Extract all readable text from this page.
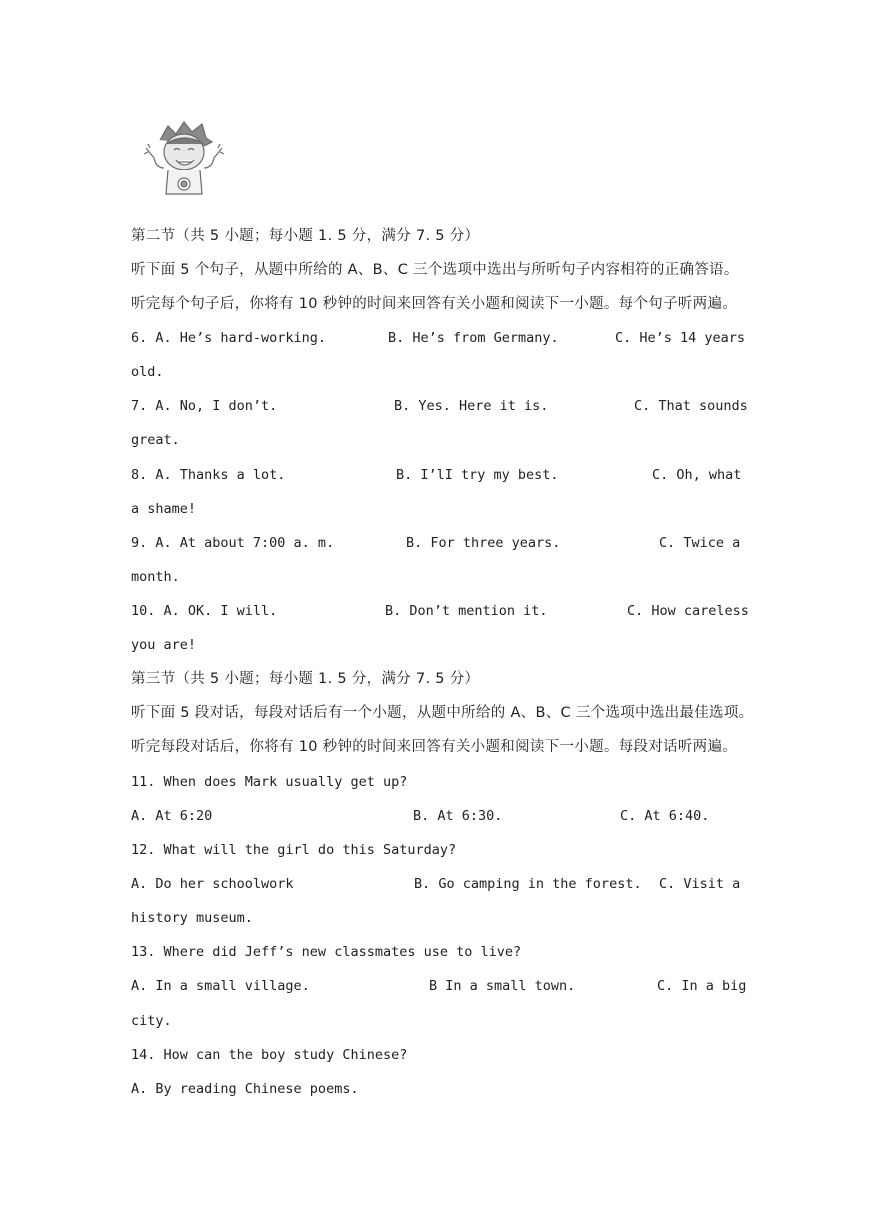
第二节（共 5 小题；每小题 1. 5 分，满分 7. 5 分）
听下面 5 个句子，从题中所给的 A、B、C 三个选项中选出与所听句子内容相符的正确答语。
听完每个句子后，你将有 10 秒钟的时间来回答有关小题和阅读下一小题。每个句子听两遍。
6. A. He’s hard-working.	B. He’s from Germany.	C. He’s 14 years
old.
7. A. No, I don’t.	B. Yes. Here it is.	C. That sounds
great.
8. A. Thanks a lot.	B. I’lI try my best.	C. Oh, what
a shame!
9. A. At about 7:00 a. m.	B. For three years.	C. Twice a
month.
10. A. OK. I will.	B. Don’t mention it.	C. How careless
you are!
第三节（共 5 小题；每小题 1. 5 分，满分 7. 5 分）
听下面 5 段对话，每段对话后有一个小题，从题中所给的 A、B、C 三个选项中选出最佳选项。
听完每段对话后，你将有 10 秒钟的时间来回答有关小题和阅读下一小题。每段对话听两遍。
11. When does Mark usually get up?
A. At 6:20	B. At 6:30.	C. At 6:40.
12. What will the girl do this Saturday?
A. Do her schoolwork	B. Go camping in the forest. C. Visit a
history museum.
13. Where did Jeff’s new classmates use to live?
A. In a small village.	B In a small town.	C. In a big
city.
14. How can the boy study Chinese?
A. By reading Chinese poems.
